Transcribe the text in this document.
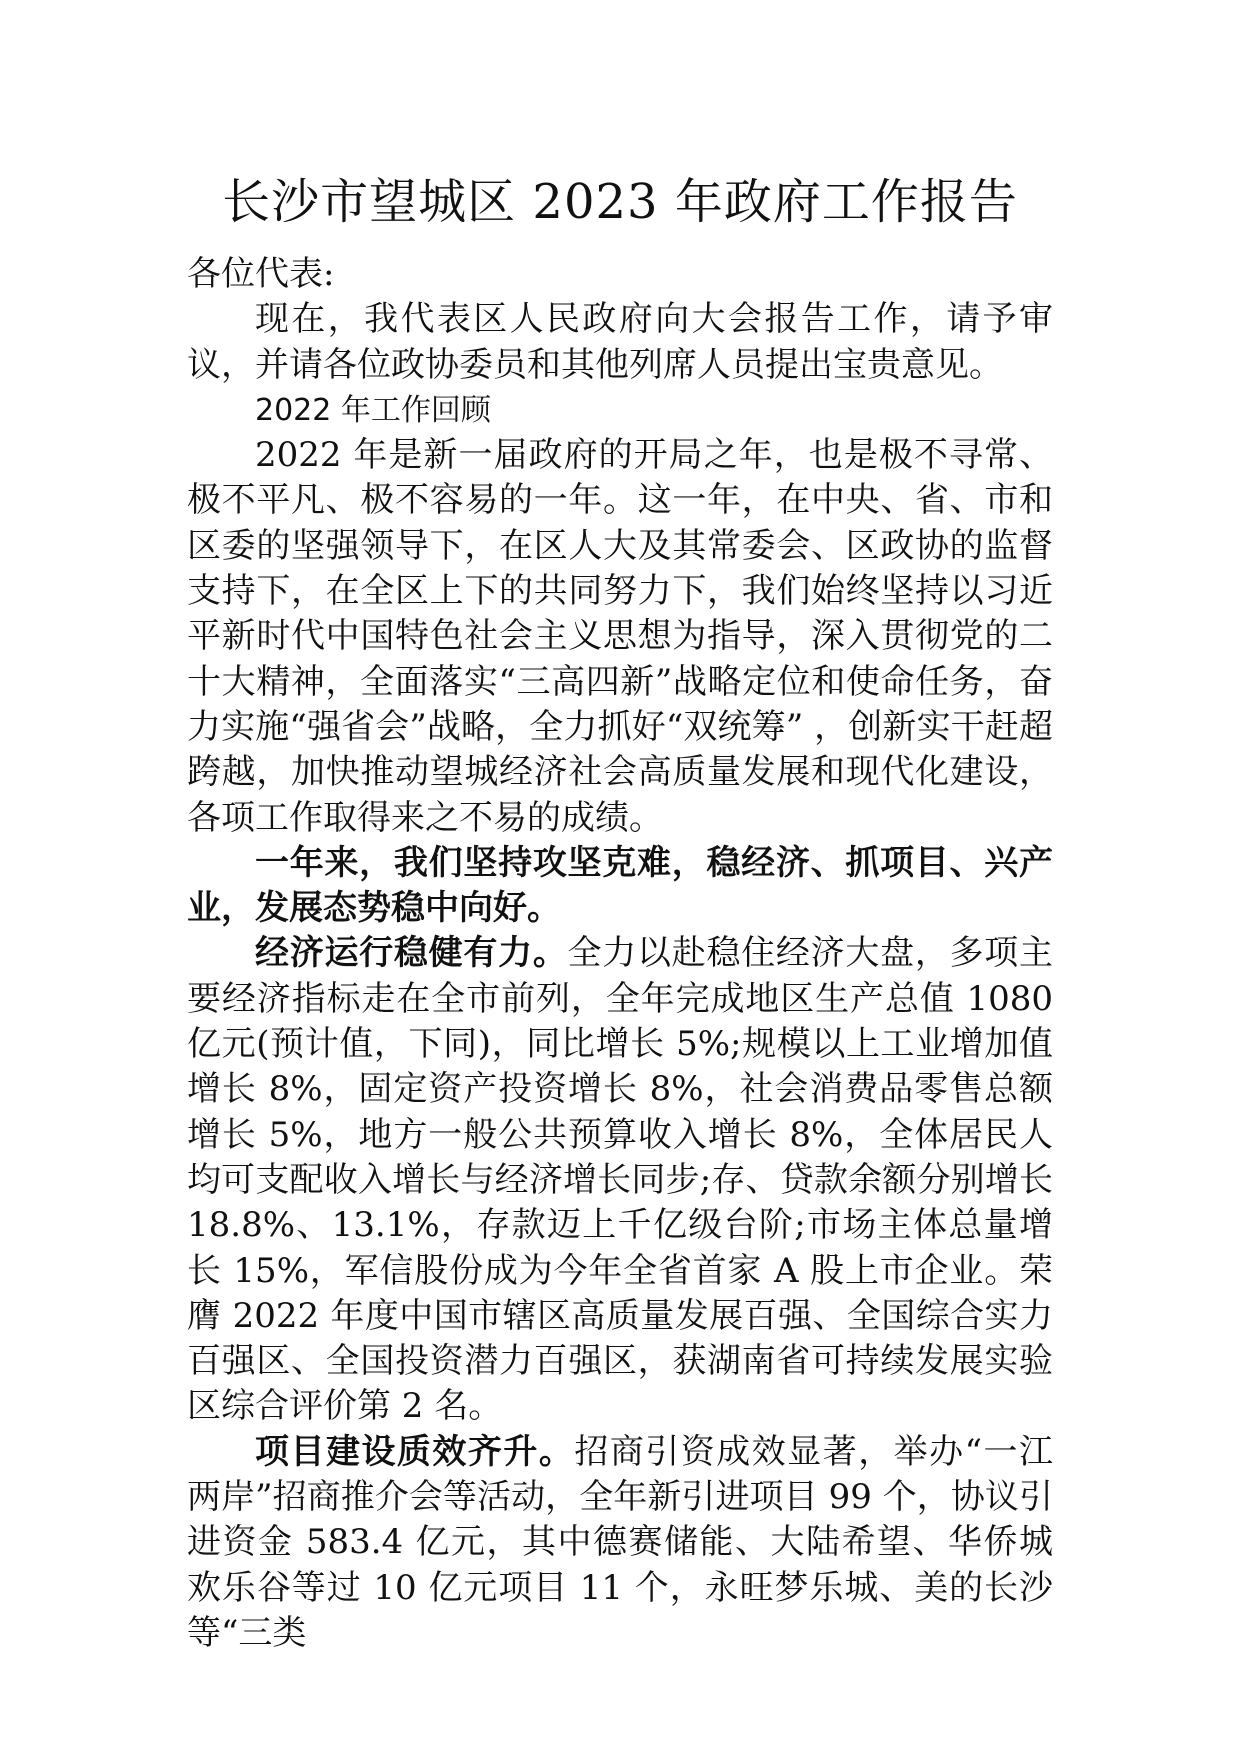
长沙市望城区 2023 年政府工作报告

各位代表:

现在，我代表区人民政府向大会报告工作，请予审议，并请各位政协委员和其他列席人员提出宝贵意见。

2022 年工作回顾

2022 年是新一届政府的开局之年，也是极不寻常、极不平凡、极不容易的一年。这一年，在中央、省、市和区委的坚强领导下，在区人大及其常委会、区政协的监督支持下，在全区上下的共同努力下，我们始终坚持以习近平新时代中国特色社会主义思想为指导，深入贯彻党的二十大精神，全面落实“三高四新”战略定位和使命任务，奋力实施“强省会”战略，全力抓好“双统筹” ，创新实干赶超跨越，加快推动望城经济社会高质量发展和现代化建设，各项工作取得来之不易的成绩。

一年来，我们坚持攻坚克难，稳经济、抓项目、兴产业，发展态势稳中向好。

经济运行稳健有力。全力以赴稳住经济大盘，多项主要经济指标走在全市前列，全年完成地区生产总值 1080 亿元(预计值，下同)，同比增长 5%;规模以上工业增加值增长 8%，固定资产投资增长 8%，社会消费品零售总额增长 5%，地方一般公共预算收入增长 8%，全体居民人均可支配收入增长与经济增长同步;存、贷款余额分别增长 18.8%、13.1%，存款迈上千亿级台阶;市场主体总量增长 15%，军信股份成为今年全省首家 A 股上市企业。荣膺 2022 年度中国市辖区高质量发展百强、全国综合实力百强区、全国投资潜力百强区，获湖南省可持续发展实验区综合评价第 2 名。

项目建设质效齐升。招商引资成效显著，举办“一江两岸”招商推介会等活动，全年新引进项目 99 个，协议引进资金 583.4 亿元，其中德赛储能、大陆希望、华侨城欢乐谷等过 10 亿元项目 11 个，永旺梦乐城、美的长沙等“三类
